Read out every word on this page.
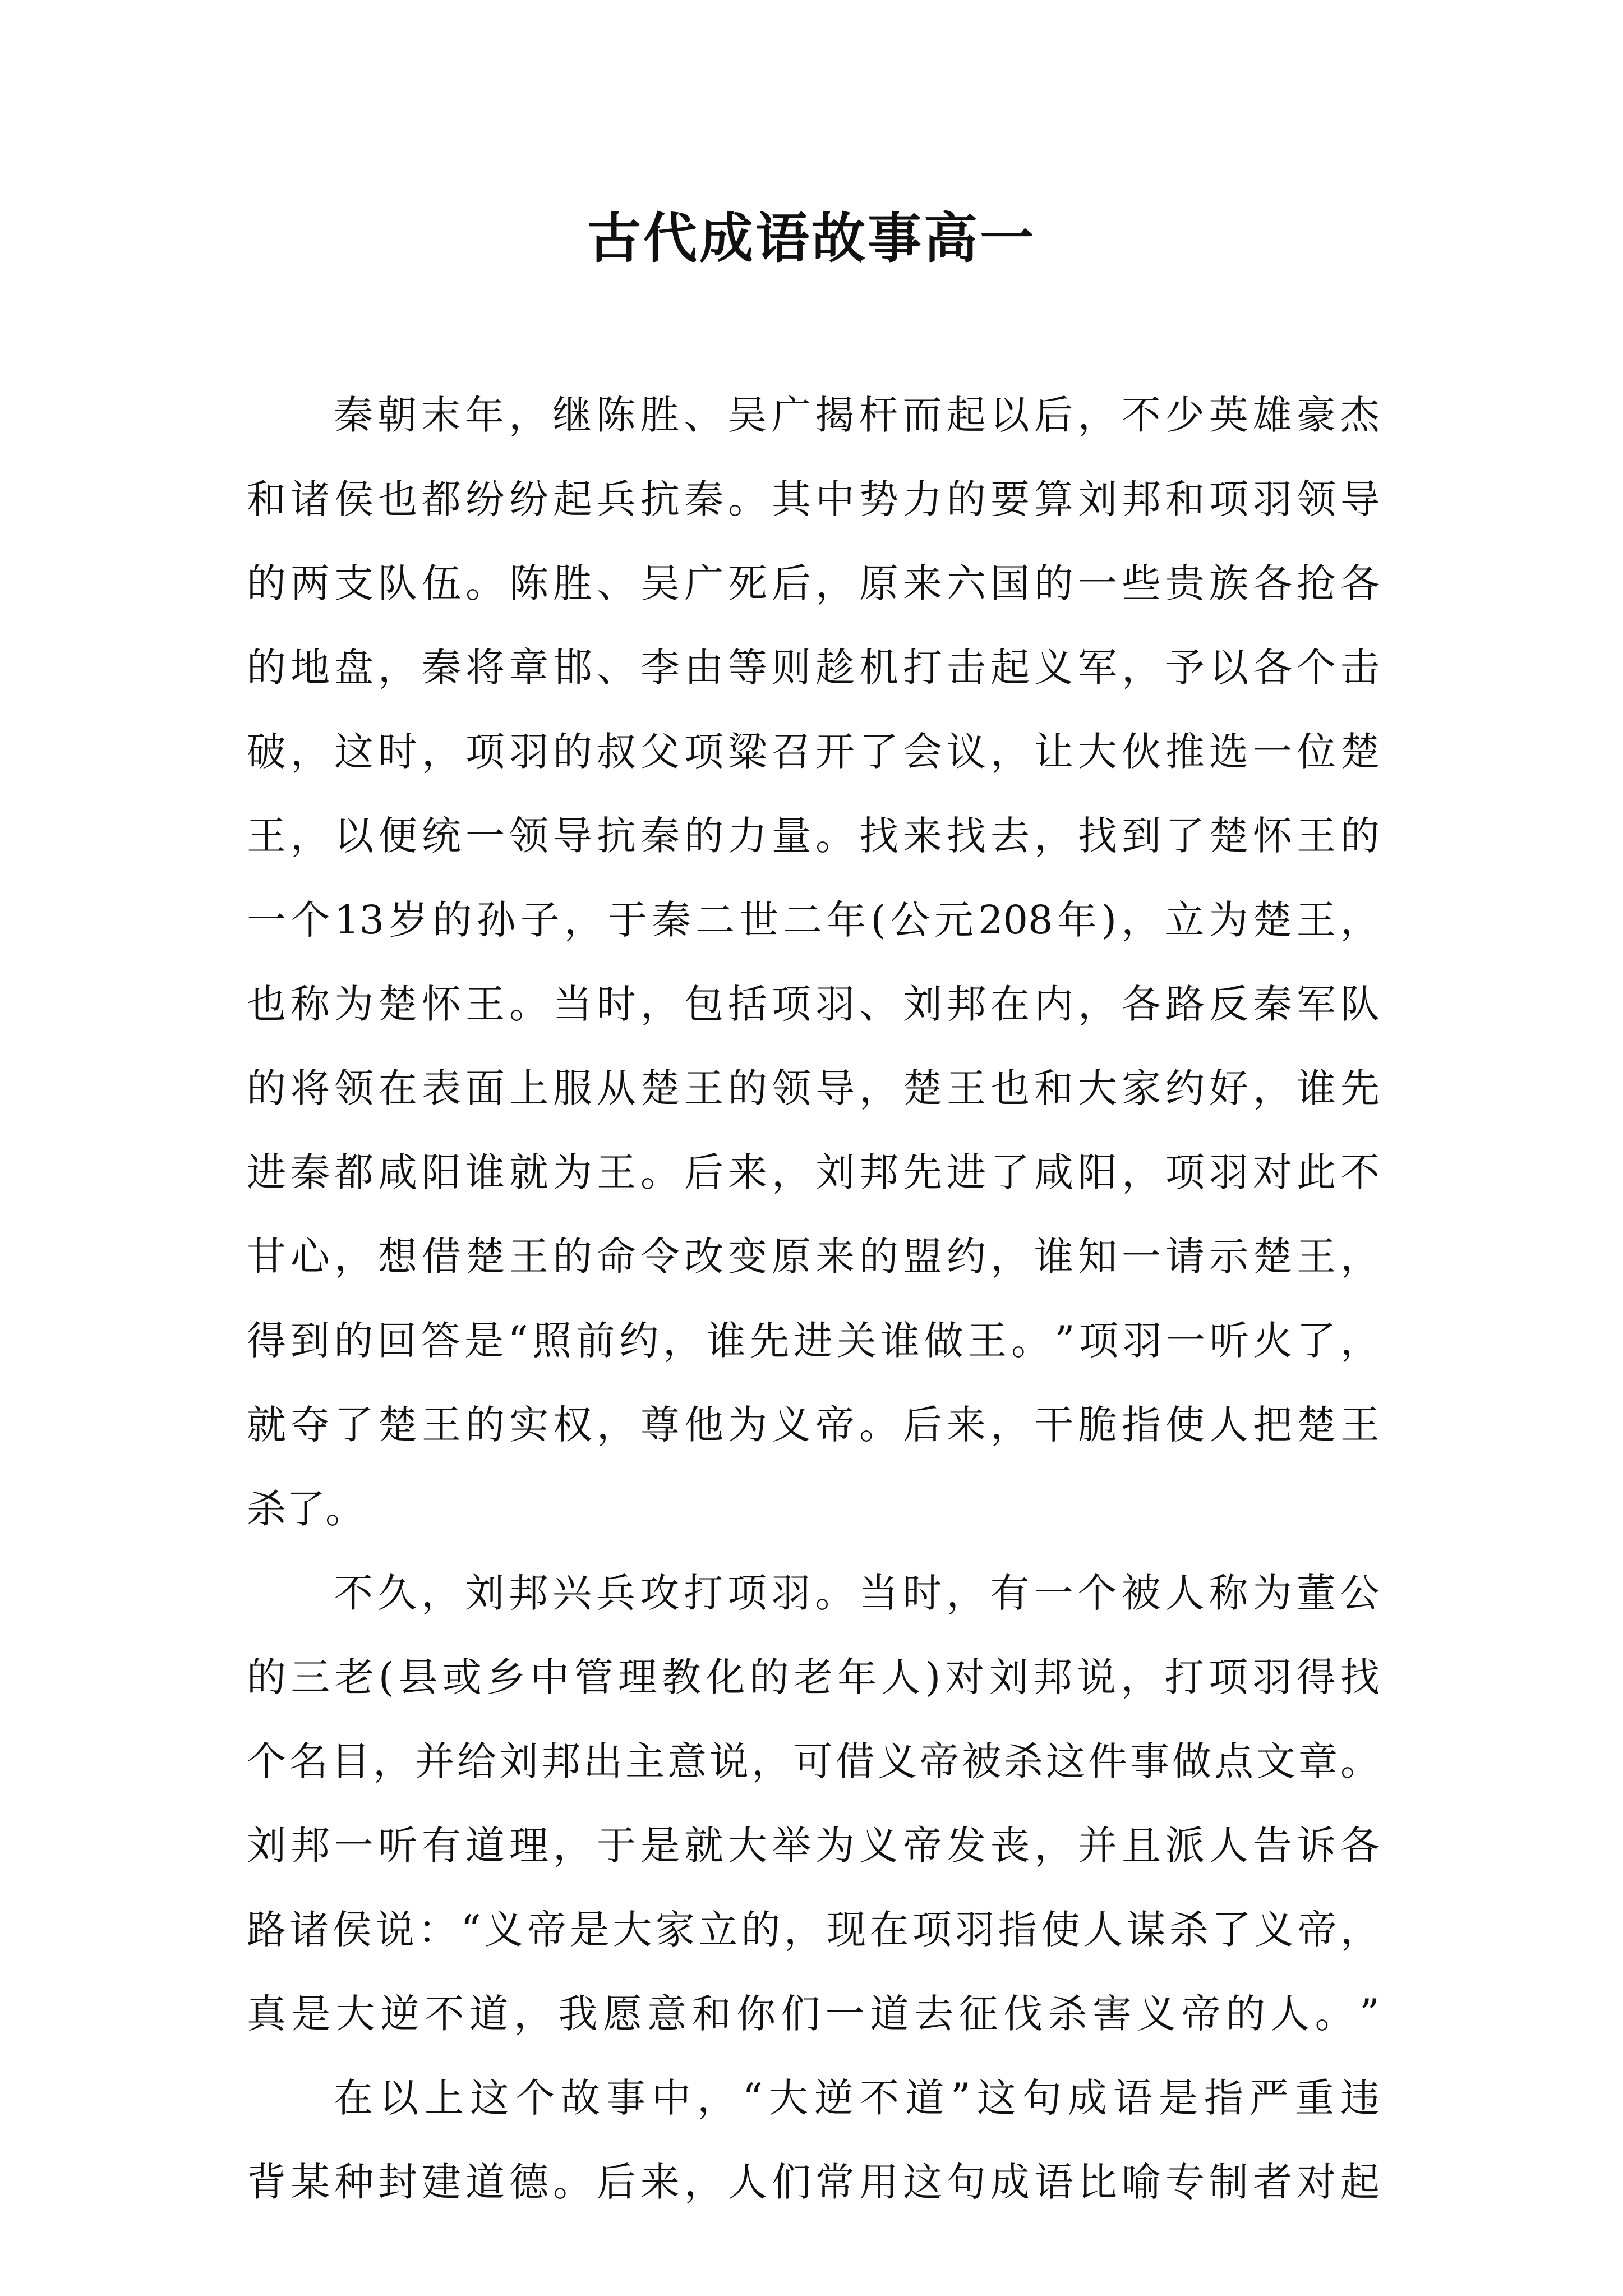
古代成语故事高一
秦 朝 末 年 ， 继 陈 胜 、 吴 广 揭 杆 而 起 以 后 ， 不 少 英 雄 豪 杰
和 诸 侯 也 都 纷 纷 起 兵 抗 秦 。 其 中 势 力 的 要 算 刘 邦 和 项 羽 领 导
的 两 支 队 伍 。 陈 胜 、 吴 广 死 后 ， 原 来 六 国 的 一 些 贵 族 各 抢 各
的 地 盘 ， 秦 将 章 邯 、 李 由 等 则 趁 机 打 击 起 义 军 ， 予 以 各 个 击
破 ， 这 时 ， 项 羽 的 叔 父 项 粱 召 开 了 会 议 ， 让 大 伙 推 选 一 位 楚
王 ， 以 便 统 一 领 导 抗 秦 的 力 量 。 找 来 找 去 ， 找 到 了 楚 怀 王 的
一 个 13 岁 的 孙 子 ， 于 秦 二 世 二 年 ( 公 元 208 年 ) ， 立 为 楚 王 ，
也 称 为 楚 怀 王 。 当 时 ， 包 括 项 羽 、 刘 邦 在 内 ， 各 路 反 秦 军 队
的 将 领 在 表 面 上 服 从 楚 王 的 领 导 ， 楚 王 也 和 大 家 约 好 ， 谁 先
进 秦 都 咸 阳 谁 就 为 王 。 后 来 ， 刘 邦 先 进 了 咸 阳 ， 项 羽 对 此 不
甘 心 ， 想 借 楚 王 的 命 令 改 变 原 来 的 盟 约 ， 谁 知 一 请 示 楚 王 ，
得 到 的 回 答 是 “ 照 前 约 ， 谁 先 进 关 谁 做 王 。 ” 项 羽 一 听 火 了 ，
就 夺 了 楚 王 的 实 权 ， 尊 他 为 义 帝 。 后 来 ， 干 脆 指 使 人 把 楚 王
杀 了 。
不 久 ， 刘 邦 兴 兵 攻 打 项 羽 。 当 时 ， 有 一 个 被 人 称 为 董 公
的 三 老 ( 县 或 乡 中 管 理 教 化 的 老 年 人 ) 对 刘 邦 说 ， 打 项 羽 得 找
个 名 目 ， 并 给 刘 邦 出 主 意 说 ， 可 借 义 帝 被 杀 这 件 事 做 点 文 章 。
刘 邦 一 听 有 道 理 ， 于 是 就 大 举 为 义 帝 发 丧 ， 并 且 派 人 告 诉 各
路 诸 侯 说 ： “ 义 帝 是 大 家 立 的 ， 现 在 项 羽 指 使 人 谋 杀 了 义 帝 ，
真 是 大 逆 不 道 ， 我 愿 意 和 你 们 一 道 去 征 伐 杀 害 义 帝 的 人 。 ”
在 以 上 这 个 故 事 中 ， “ 大 逆 不 道 ” 这 句 成 语 是 指 严 重 违
背 某 种 封 建 道 德 。 后 来 ， 人 们 常 用 这 句 成 语 比 喻 专 制 者 对 起
